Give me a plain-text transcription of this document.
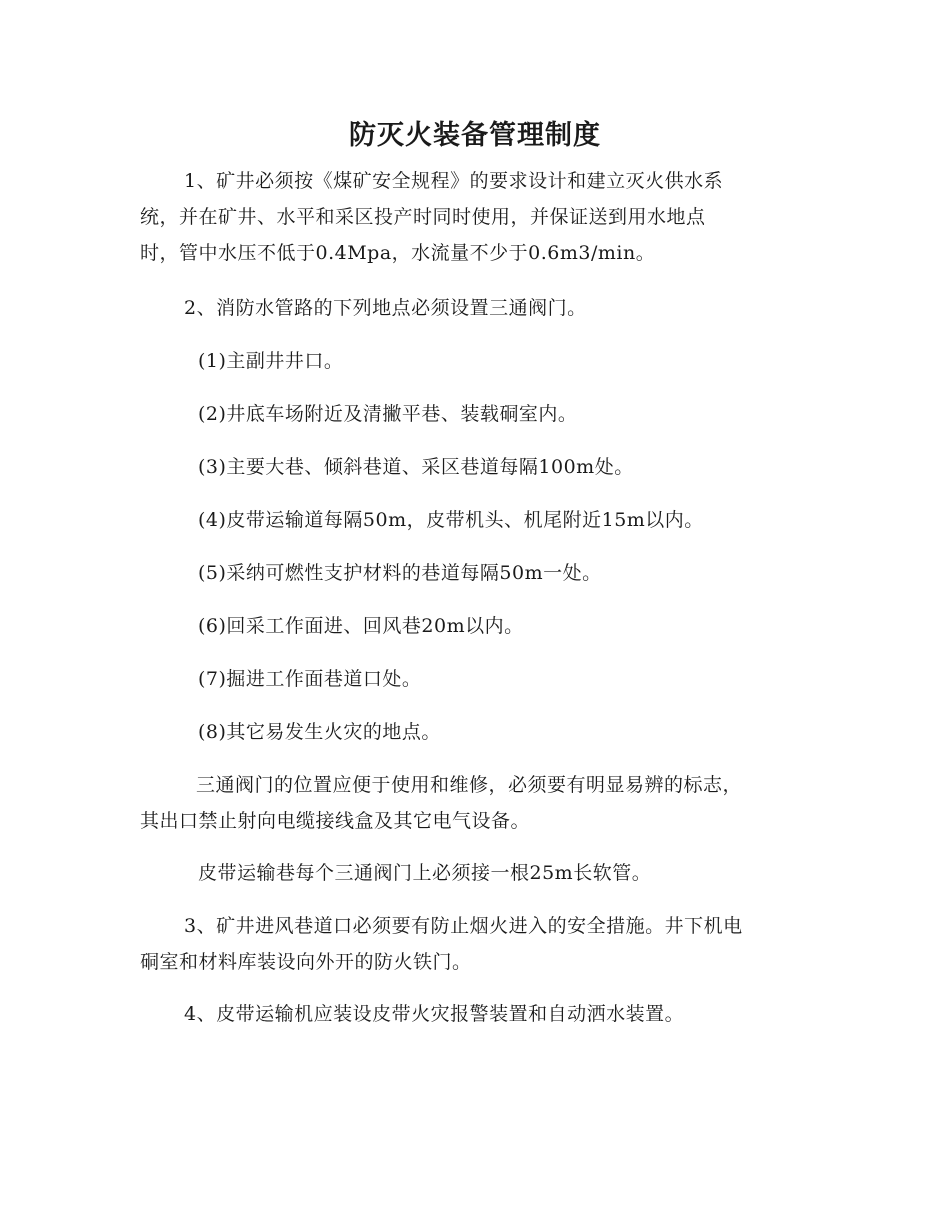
防灭火装备管理制度

1、矿井必须按《煤矿安全规程》的要求设计和建立灭火供水系
统，并在矿井、水平和采区投产时同时使用，并保证送到用水地点
时，管中水压不低于0.4Mpa，水流量不少于0.6m3/min。

2、消防水管路的下列地点必须设置三通阀门。

(1)主副井井口。

(2)井底车场附近及清撇平巷、装载硐室内。

(3)主要大巷、倾斜巷道、采区巷道每隔100m处。

(4)皮带运输道每隔50m，皮带机头、机尾附近15m以内。

(5)采纳可燃性支护材料的巷道每隔50m一处。

(6)回采工作面进、回风巷20m以内。

(7)掘进工作面巷道口处。

(8)其它易发生火灾的地点。

三通阀门的位置应便于使用和维修，必须要有明显易辨的标志，
其出口禁止射向电缆接线盒及其它电气设备。

皮带运输巷每个三通阀门上必须接一根25m长软管。

3、矿井进风巷道口必须要有防止烟火进入的安全措施。井下机电
硐室和材料库装设向外开的防火铁门。

4、皮带运输机应装设皮带火灾报警装置和自动洒水装置。
